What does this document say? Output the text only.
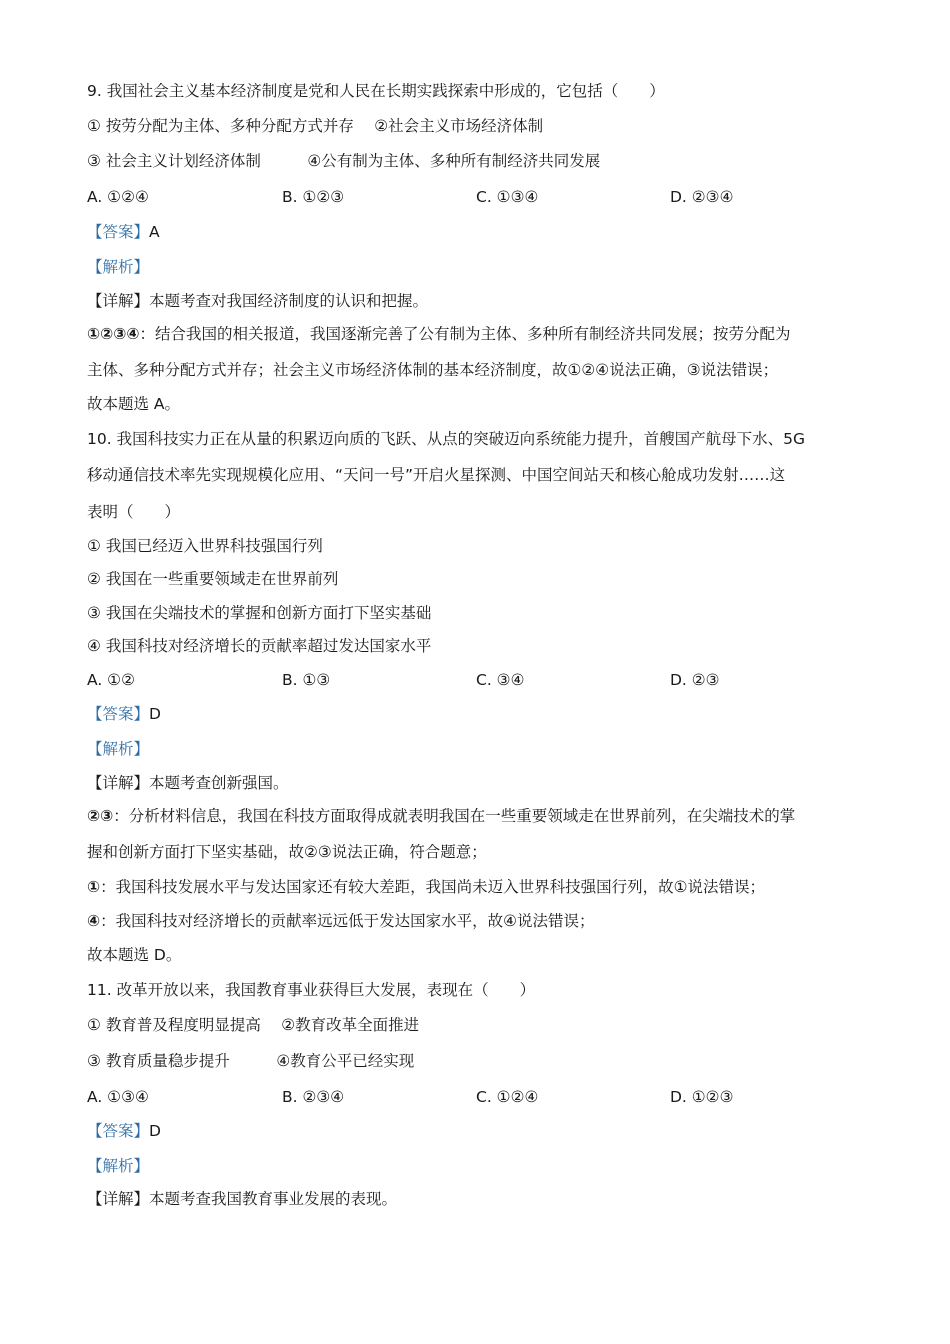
9. 我国社会主义基本经济制度是党和人民在长期实践探索中形成的，它包括（　　）
① 按劳分配为主体、多种分配方式并存　 ②社会主义市场经济体制
③ 社会主义计划经济体制　　　④公有制为主体、多种所有制经济共同发展
A. ①②④	B. ①②③	C. ①③④	D. ②③④
【答案】A
【解析】
【详解】本题考查对我国经济制度的认识和把握。
①②③④：结合我国的相关报道，我国逐渐完善了公有制为主体、多种所有制经济共同发展；按劳分配为
主体、多种分配方式并存；社会主义市场经济体制的基本经济制度，故①②④说法正确，③说法错误；
故本题选 A。
10. 我国科技实力正在从量的积累迈向质的飞跃、从点的突破迈向系统能力提升，首艘国产航母下水、5G
移动通信技术率先实现规模化应用、“天问一号”开启火星探测、中国空间站天和核心舱成功发射……这
表明（　　）
① 我国已经迈入世界科技强国行列
② 我国在一些重要领域走在世界前列
③ 我国在尖端技术的掌握和创新方面打下坚实基础
④ 我国科技对经济增长的贡献率超过发达国家水平
A. ①②	B. ①③	C. ③④	D. ②③
【答案】D
【解析】
【详解】本题考查创新强国。
②③：分析材料信息，我国在科技方面取得成就表明我国在一些重要领域走在世界前列，在尖端技术的掌
握和创新方面打下坚实基础，故②③说法正确，符合题意；
①：我国科技发展水平与发达国家还有较大差距，我国尚未迈入世界科技强国行列，故①说法错误；
④：我国科技对经济增长的贡献率远远低于发达国家水平，故④说法错误；
故本题选 D。
11. 改革开放以来，我国教育事业获得巨大发展，表现在（　　）
① 教育普及程度明显提高　 ②教育改革全面推进
③ 教育质量稳步提升　　　④教育公平已经实现
A. ①③④	B. ②③④	C. ①②④	D. ①②③
【答案】D
【解析】
【详解】本题考查我国教育事业发展的表现。
